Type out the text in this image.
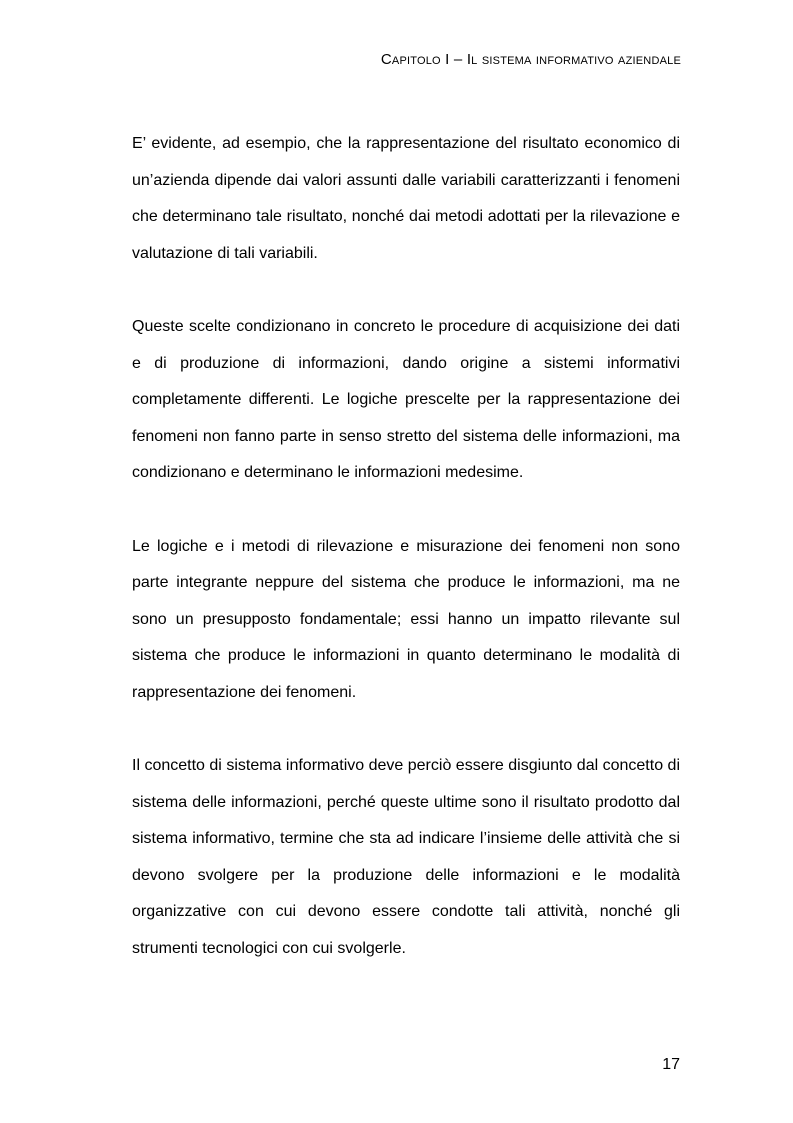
Capitolo I – Il sistema informativo aziendale

E’ evidente, ad esempio, che la rappresentazione del risultato economico di un’azienda dipende dai valori assunti dalle variabili caratterizzanti i fenomeni che determinano tale risultato, nonché dai metodi adottati per la rilevazione e valutazione di tali variabili.

Queste scelte condizionano in concreto le procedure di acquisizione dei dati e di produzione di informazioni, dando origine a sistemi informativi completamente differenti. Le logiche prescelte per la rappresentazione dei fenomeni non fanno parte in senso stretto del sistema delle informazioni, ma condizionano e determinano le informazioni medesime.

Le logiche e i metodi di rilevazione e misurazione dei fenomeni non sono parte integrante neppure del sistema che produce le informazioni, ma ne sono un presupposto fondamentale; essi hanno un impatto rilevante sul sistema che produce le informazioni in quanto determinano le modalità di rappresentazione dei fenomeni.

Il concetto di sistema informativo deve perciò essere disgiunto dal concetto di sistema delle informazioni, perché queste ultime sono il risultato prodotto dal sistema informativo, termine che sta ad indicare l’insieme delle attività che si devono svolgere per la produzione delle informazioni e le modalità organizzative con cui devono essere condotte tali attività, nonché gli strumenti tecnologici con cui svolgerle.

17
